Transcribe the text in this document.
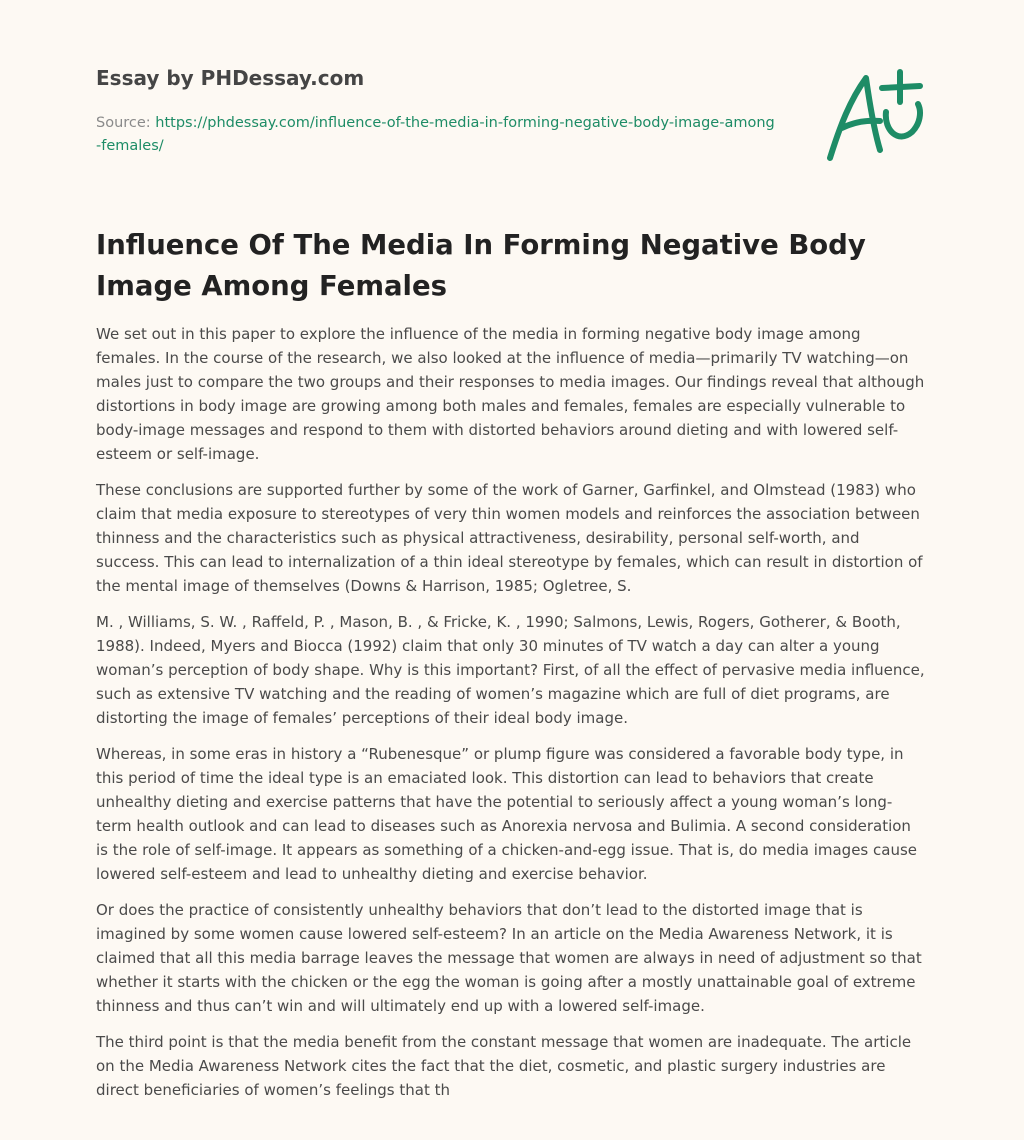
Essay by PHDessay.com
Source: https://phdessay.com/influence-of-the-media-in-forming-negative-body-image-among-females/
Influence Of The Media In Forming Negative Body Image Among Females

We set out in this paper to explore the influence of the media in forming negative body image among females. In the course of the research, we also looked at the influence of media—primarily TV watching—on males just to compare the two groups and their responses to media images. Our findings reveal that although distortions in body image are growing among both males and females, females are especially vulnerable to body-image messages and respond to them with distorted behaviors around dieting and with lowered self-esteem or self-image.

These conclusions are supported further by some of the work of Garner, Garfinkel, and Olmstead (1983) who claim that media exposure to stereotypes of very thin women models and reinforces the association between thinness and the characteristics such as physical attractiveness, desirability, personal self-worth, and success. This can lead to internalization of a thin ideal stereotype by females, which can result in distortion of the mental image of themselves (Downs & Harrison, 1985; Ogletree, S.

M. , Williams, S. W. , Raffeld, P. , Mason, B. , & Fricke, K. , 1990; Salmons, Lewis, Rogers, Gotherer, & Booth, 1988). Indeed, Myers and Biocca (1992) claim that only 30 minutes of TV watch a day can alter a young woman’s perception of body shape. Why is this important? First, of all the effect of pervasive media influence, such as extensive TV watching and the reading of women’s magazine which are full of diet programs, are distorting the image of females’ perceptions of their ideal body image.

Whereas, in some eras in history a “Rubenesque” or plump figure was considered a favorable body type, in this period of time the ideal type is an emaciated look. This distortion can lead to behaviors that create unhealthy dieting and exercise patterns that have the potential to seriously affect a young woman’s long-term health outlook and can lead to diseases such as Anorexia nervosa and Bulimia. A second consideration is the role of self-image. It appears as something of a chicken-and-egg issue. That is, do media images cause lowered self-esteem and lead to unhealthy dieting and exercise behavior.

Or does the practice of consistently unhealthy behaviors that don’t lead to the distorted image that is imagined by some women cause lowered self-esteem? In an article on the Media Awareness Network, it is claimed that all this media barrage leaves the message that women are always in need of adjustment so that whether it starts with the chicken or the egg the woman is going after a mostly unattainable goal of extreme thinness and thus can’t win and will ultimately end up with a lowered self-image.

The third point is that the media benefit from the constant message that women are inadequate. The article on the Media Awareness Network cites the fact that the diet, cosmetic, and plastic surgery industries are direct beneficiaries of women’s feelings that th
